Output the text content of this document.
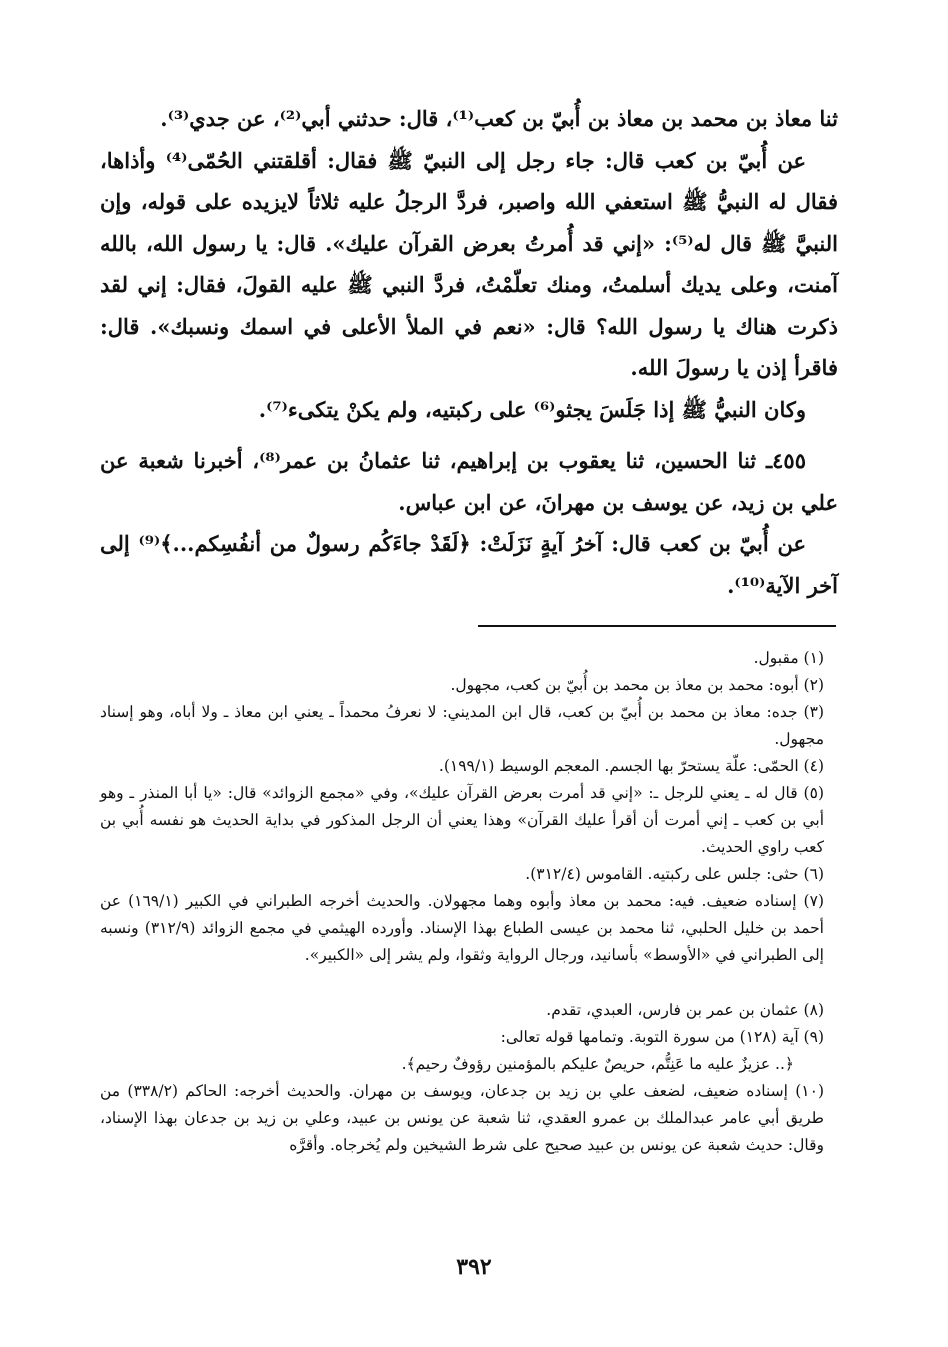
ثنا معاذ بن محمد بن معاذ بن أُبيّ بن كعب⁽¹⁾، قال: حدثني أبي⁽²⁾، عن جدي⁽³⁾.

عن أُبيّ بن كعب قال: جاء رجل إلى النبيّ ﷺ فقال: أقلقتني الحُمّى⁽⁴⁾ وأذاها، فقال له النبيُّ ﷺ استعفي الله واصبر، فردَّ الرجلُ عليه ثلاثاً لايزيده على قوله، وإن النبيَّ ﷺ قال له⁽⁵⁾: «إني قد أُمرتُ بعرض القرآن عليك». قال: يا رسول الله، بالله آمنت، وعلى يديك أسلمتُ، ومنك تعلّمْتُ، فردَّ النبي ﷺ عليه القولَ، فقال: إني لقد ذكرت هناك يا رسول الله؟ قال: «نعم في الملأ الأعلى في اسمك ونسبك». قال: فاقرأ إذن يا رسولَ الله.

وكان النبيُّ ﷺ إذا جَلَسَ يجثو⁽⁶⁾ على ركبتيه، ولم يكنْ يتكىء⁽⁷⁾.

٤٥٥ـ ثنا الحسين، ثنا يعقوب بن إبراهيم، ثنا عثمانُ بن عمر⁽⁸⁾، أخبرنا شعبة عن علي بن زيد، عن يوسف بن مهرانَ، عن ابن عباس.

عن أُبيّ بن كعب قال: آخرُ آيةٍ نَزَلَتْ: ﴿لَقَدْ جاءَكُم رسولٌ من أنفُسِكم...﴾⁽⁹⁾ إلى آخر الآية⁽¹⁰⁾.

(١) مقبول.

(٢) أبوه: محمد بن معاذ بن محمد بن أُبيّ بن كعب، مجهول.

(٣) جده: معاذ بن محمد بن أُبيّ بن كعب، قال ابن المديني: لا نعرفُ محمداً ـ يعني ابن معاذ ـ ولا أباه، وهو إسناد مجهول.

(٤) الحمّى: علّة يستحرّ بها الجسم. المعجم الوسيط (١٩٩/١).

(٥) قال له ـ يعني للرجل ـ: «إني قد أمرت بعرض القرآن عليك»، وفي «مجمع الزوائد» قال: «يا أبا المنذر ـ وهو أبي بن كعب ـ إني أمرت أن أقرأ عليك القرآن» وهذا يعني أن الرجل المذكور في بداية الحديث هو نفسه أُبي بن كعب راوي الحديث.

(٦) حثى: جلس على ركبتيه. القاموس (٣١٢/٤).

(٧) إسناده ضعيف. فيه: محمد بن معاذ وأبوه وهما مجهولان. والحديث أخرجه الطبراني في الكبير (١٦٩/١) عن أحمد بن خليل الحلبي، ثنا محمد بن عيسى الطباع بهذا الإسناد. وأورده الهيثمي في مجمع الزوائد (٣١٢/٩) ونسبه إلى الطبراني في «الأوسط» بأسانيد، ورجال الرواية وثقوا، ولم يشر إلى «الكبير».

(٨) عثمان بن عمر بن فارس، العبدي، تقدم.

(٩) آية (١٢٨) من سورة التوبة. وتمامها قوله تعالى:

﴿.. عزيزٌ عليه ما عَنِتُّم، حريصٌ عليكم بالمؤمنين رؤوفٌ رحيم﴾.

(١٠) إسناده ضعيف، لضعف علي بن زيد بن جدعان، ويوسف بن مهران. والحديث أخرجه: الحاكم (٣٣٨/٢) من طريق أبي عامر عبدالملك بن عمرو العقدي، ثنا شعبة عن يونس بن عبيد، وعلي بن زيد بن جدعان بهذا الإسناد، وقال: حديث شعبة عن يونس بن عبيد صحيح على شرط الشيخين ولم يُخرجاه. وأقرَّه

٣٩٢
